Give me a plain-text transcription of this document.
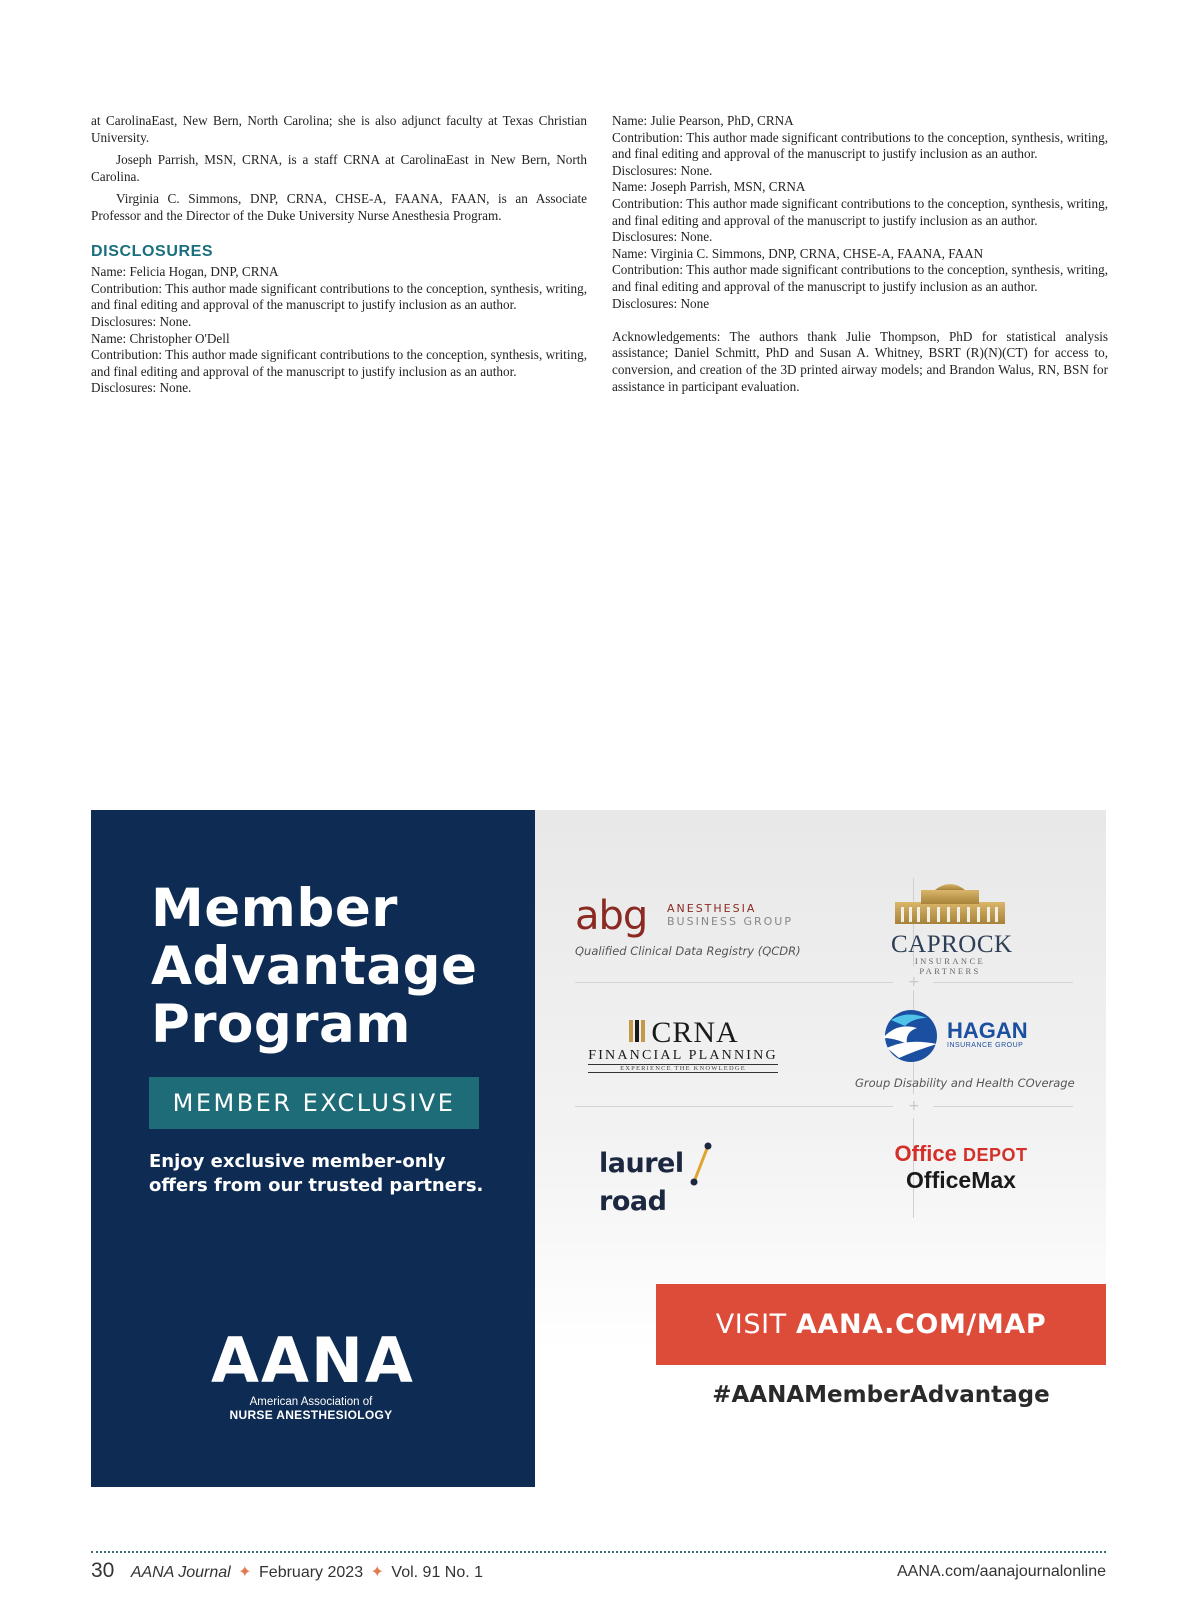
at CarolinaEast, New Bern, North Carolina; she is also adjunct faculty at Texas Christian University.

Joseph Parrish, MSN, CRNA, is a staff CRNA at CarolinaEast in New Bern, North Carolina.

Virginia C. Simmons, DNP, CRNA, CHSE-A, FAANA, FAAN, is an Associate Professor and the Director of the Duke University Nurse Anesthesia Program.

DISCLOSURES

Name: Felicia Hogan, DNP, CRNA

Contribution: This author made significant contributions to the conception, synthesis, writing, and final editing and approval of the manuscript to justify inclusion as an author.

Disclosures: None.

Name: Christopher O'Dell

Contribution: This author made significant contributions to the conception, synthesis, writing, and final editing and approval of the manuscript to justify inclusion as an author.

Disclosures: None.

Name: Julie Pearson, PhD, CRNA

Contribution: This author made significant contributions to the conception, synthesis, writing, and final editing and approval of the manuscript to justify inclusion as an author.

Disclosures: None.

Name: Joseph Parrish, MSN, CRNA

Contribution: This author made significant contributions to the conception, synthesis, writing, and final editing and approval of the manuscript to justify inclusion as an author.

Disclosures: None.

Name: Virginia C. Simmons, DNP, CRNA, CHSE-A, FAANA, FAAN

Contribution: This author made significant contributions to the conception, synthesis, writing, and final editing and approval of the manuscript to justify inclusion as an author.

Disclosures: None

Acknowledgements: The authors thank Julie Thompson, PhD for statistical analysis assistance; Daniel Schmitt, PhD and Susan A. Whitney, BSRT (R)(N)(CT) for access to, conversion, and creation of the 3D printed airway models; and Brandon Walus, RN, BSN for assistance in participant evaluation.

Member
Advantage
Program
MEMBER EXCLUSIVE
Enjoy exclusive member-only offers from our trusted partners.
AANA
American Association of
NURSE ANESTHESIOLOGY
+
+
abg	ANESTHESIA
BUSINESS GROUP
Qualified Clinical Data Registry (QCDR)	CAPROCK
INSURANCE PARTNERS
CRNA
FINANCIAL PLANNING
EXPERIENCE THE KNOWLEDGE
HAGAN
INSURANCE GROUP
Group Disability and Health COverage
laurel  road
Office DEPOT
OfficeMax
VISIT AANA.COM/MAP
#AANAMemberAdvantage
30 AANA Journal ✦ February 2023 ✦ Vol. 91 No. 1	AANA.com/aanajournalonline
